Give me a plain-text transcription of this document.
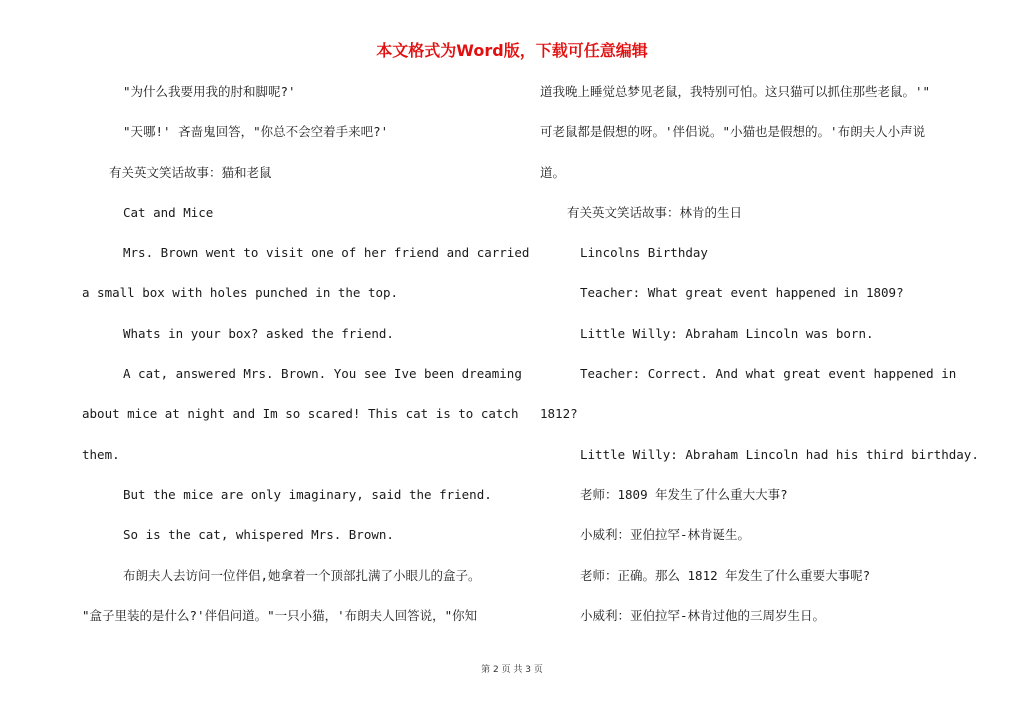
本文格式为Word版，下载可任意编辑

"为什么我要用我的肘和脚呢?'

"天哪!' 吝啬鬼回答，"你总不会空着手来吧?'

有关英文笑话故事：猫和老鼠

Cat and Mice

Mrs. Brown went to visit one of her friend and carried

a small box with holes punched in the top.

Whats in your box? asked the friend.

A cat, answered Mrs. Brown. You see Ive been dreaming

about mice at night and Im so scared! This cat is to catch

them.

But the mice are only imaginary, said the friend.

So is the cat, whispered Mrs. Brown.

布朗夫人去访问一位伴侣,她拿着一个顶部扎满了小眼儿的盒子。

"盒子里装的是什么?'伴侣问道。"一只小猫，'布朗夫人回答说，"你知

道我晚上睡觉总梦见老鼠，我特别可怕。这只猫可以抓住那些老鼠。'"

可老鼠都是假想的呀。'伴侣说。"小猫也是假想的。'布朗夫人小声说

道。

有关英文笑话故事：林肯的生日

Lincolns Birthday

Teacher: What great event happened in 1809?

Little Willy: Abraham Lincoln was born.

Teacher: Correct. And what great event happened in

1812?

Little Willy: Abraham Lincoln had his third birthday.

老师：1809 年发生了什么重大大事?

小威利：亚伯拉罕-林肯诞生。

老师：正确。那么 1812 年发生了什么重要大事呢?

小威利：亚伯拉罕-林肯过他的三周岁生日。

第 2 页 共 3 页
